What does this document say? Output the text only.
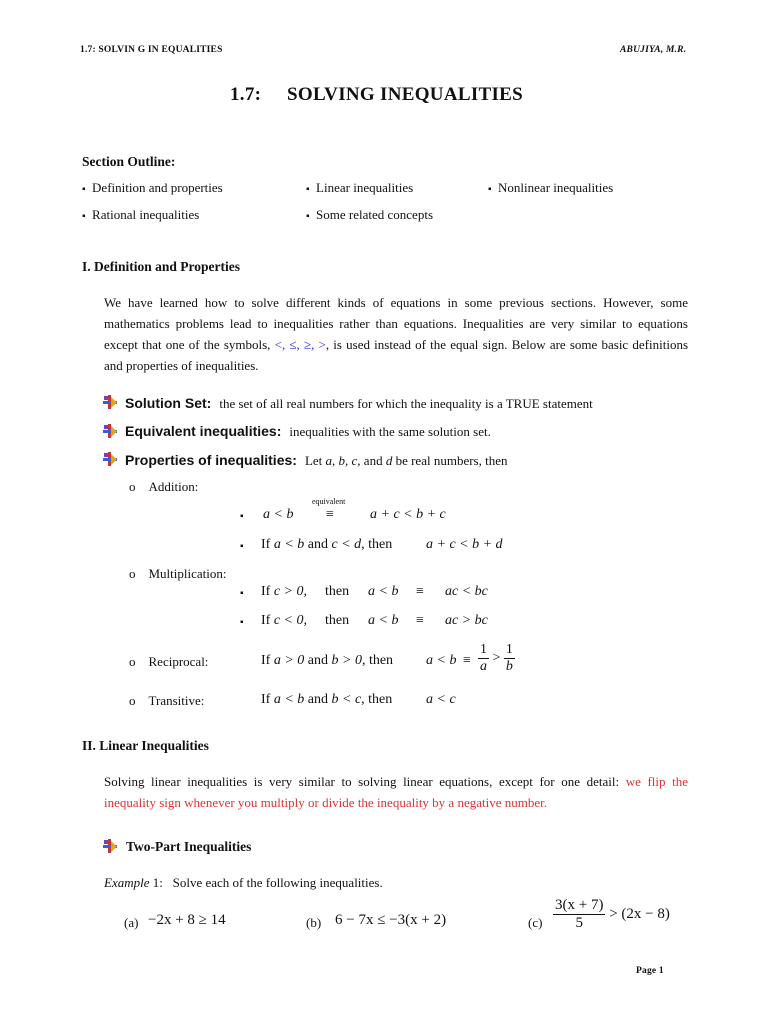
1.7: SOLVIN G IN EQUALITIES	ABUJIYA, M.R.
1.7: SOLVING INEQUALITIES
Section Outline:
▪ Definition and properties	▪ Linear inequalities	▪ Nonlinear inequalities
▪ Rational inequalities	▪ Some related concepts
I. Definition and Properties
We have learned how to solve different kinds of equations in some previous sections. However, some mathematics problems lead to inequalities rather than equations. Inequalities are very similar to equations except that one of the symbols, <, ≤, ≥, >, is used instead of the equal sign. Below are some basic definitions and properties of inequalities.
Solution Set: the set of all real numbers for which the inequality is a TRUE statement
Equivalent inequalities: inequalities with the same solution set.
Properties of inequalities: Let a, b, c, and d be real numbers, then
o    Addition:
equivalent
▪ a < b ≡	a + c < b + c
▪ If a < b and c < d, then a + c < b + d
o    Multiplication:
▪ If c > 0, then a < b ≡ ac < bc
▪ If c < 0, then a < b ≡ ac > bc
o    Reciprocal:	If a > 0 and b > 0, then $a < b \equiv \frac{1}{a} > \frac{1}{b}$
o    Transitive:	If a < b and b < c, then a < c
II. Linear Inequalities
Solving linear inequalities is very similar to solving linear equations, except for one detail: we flip the inequality sign whenever you multiply or divide the inequality by a negative number.
Two-Part Inequalities
Example 1: Solve each of the following inequalities.
(a) −2x + 8 ≥ 14	(b) 6 − 7x ≤ −3(x + 2)	$(c) \frac{3(x + 7)}{5} > (2x - 8)$
Page 1
